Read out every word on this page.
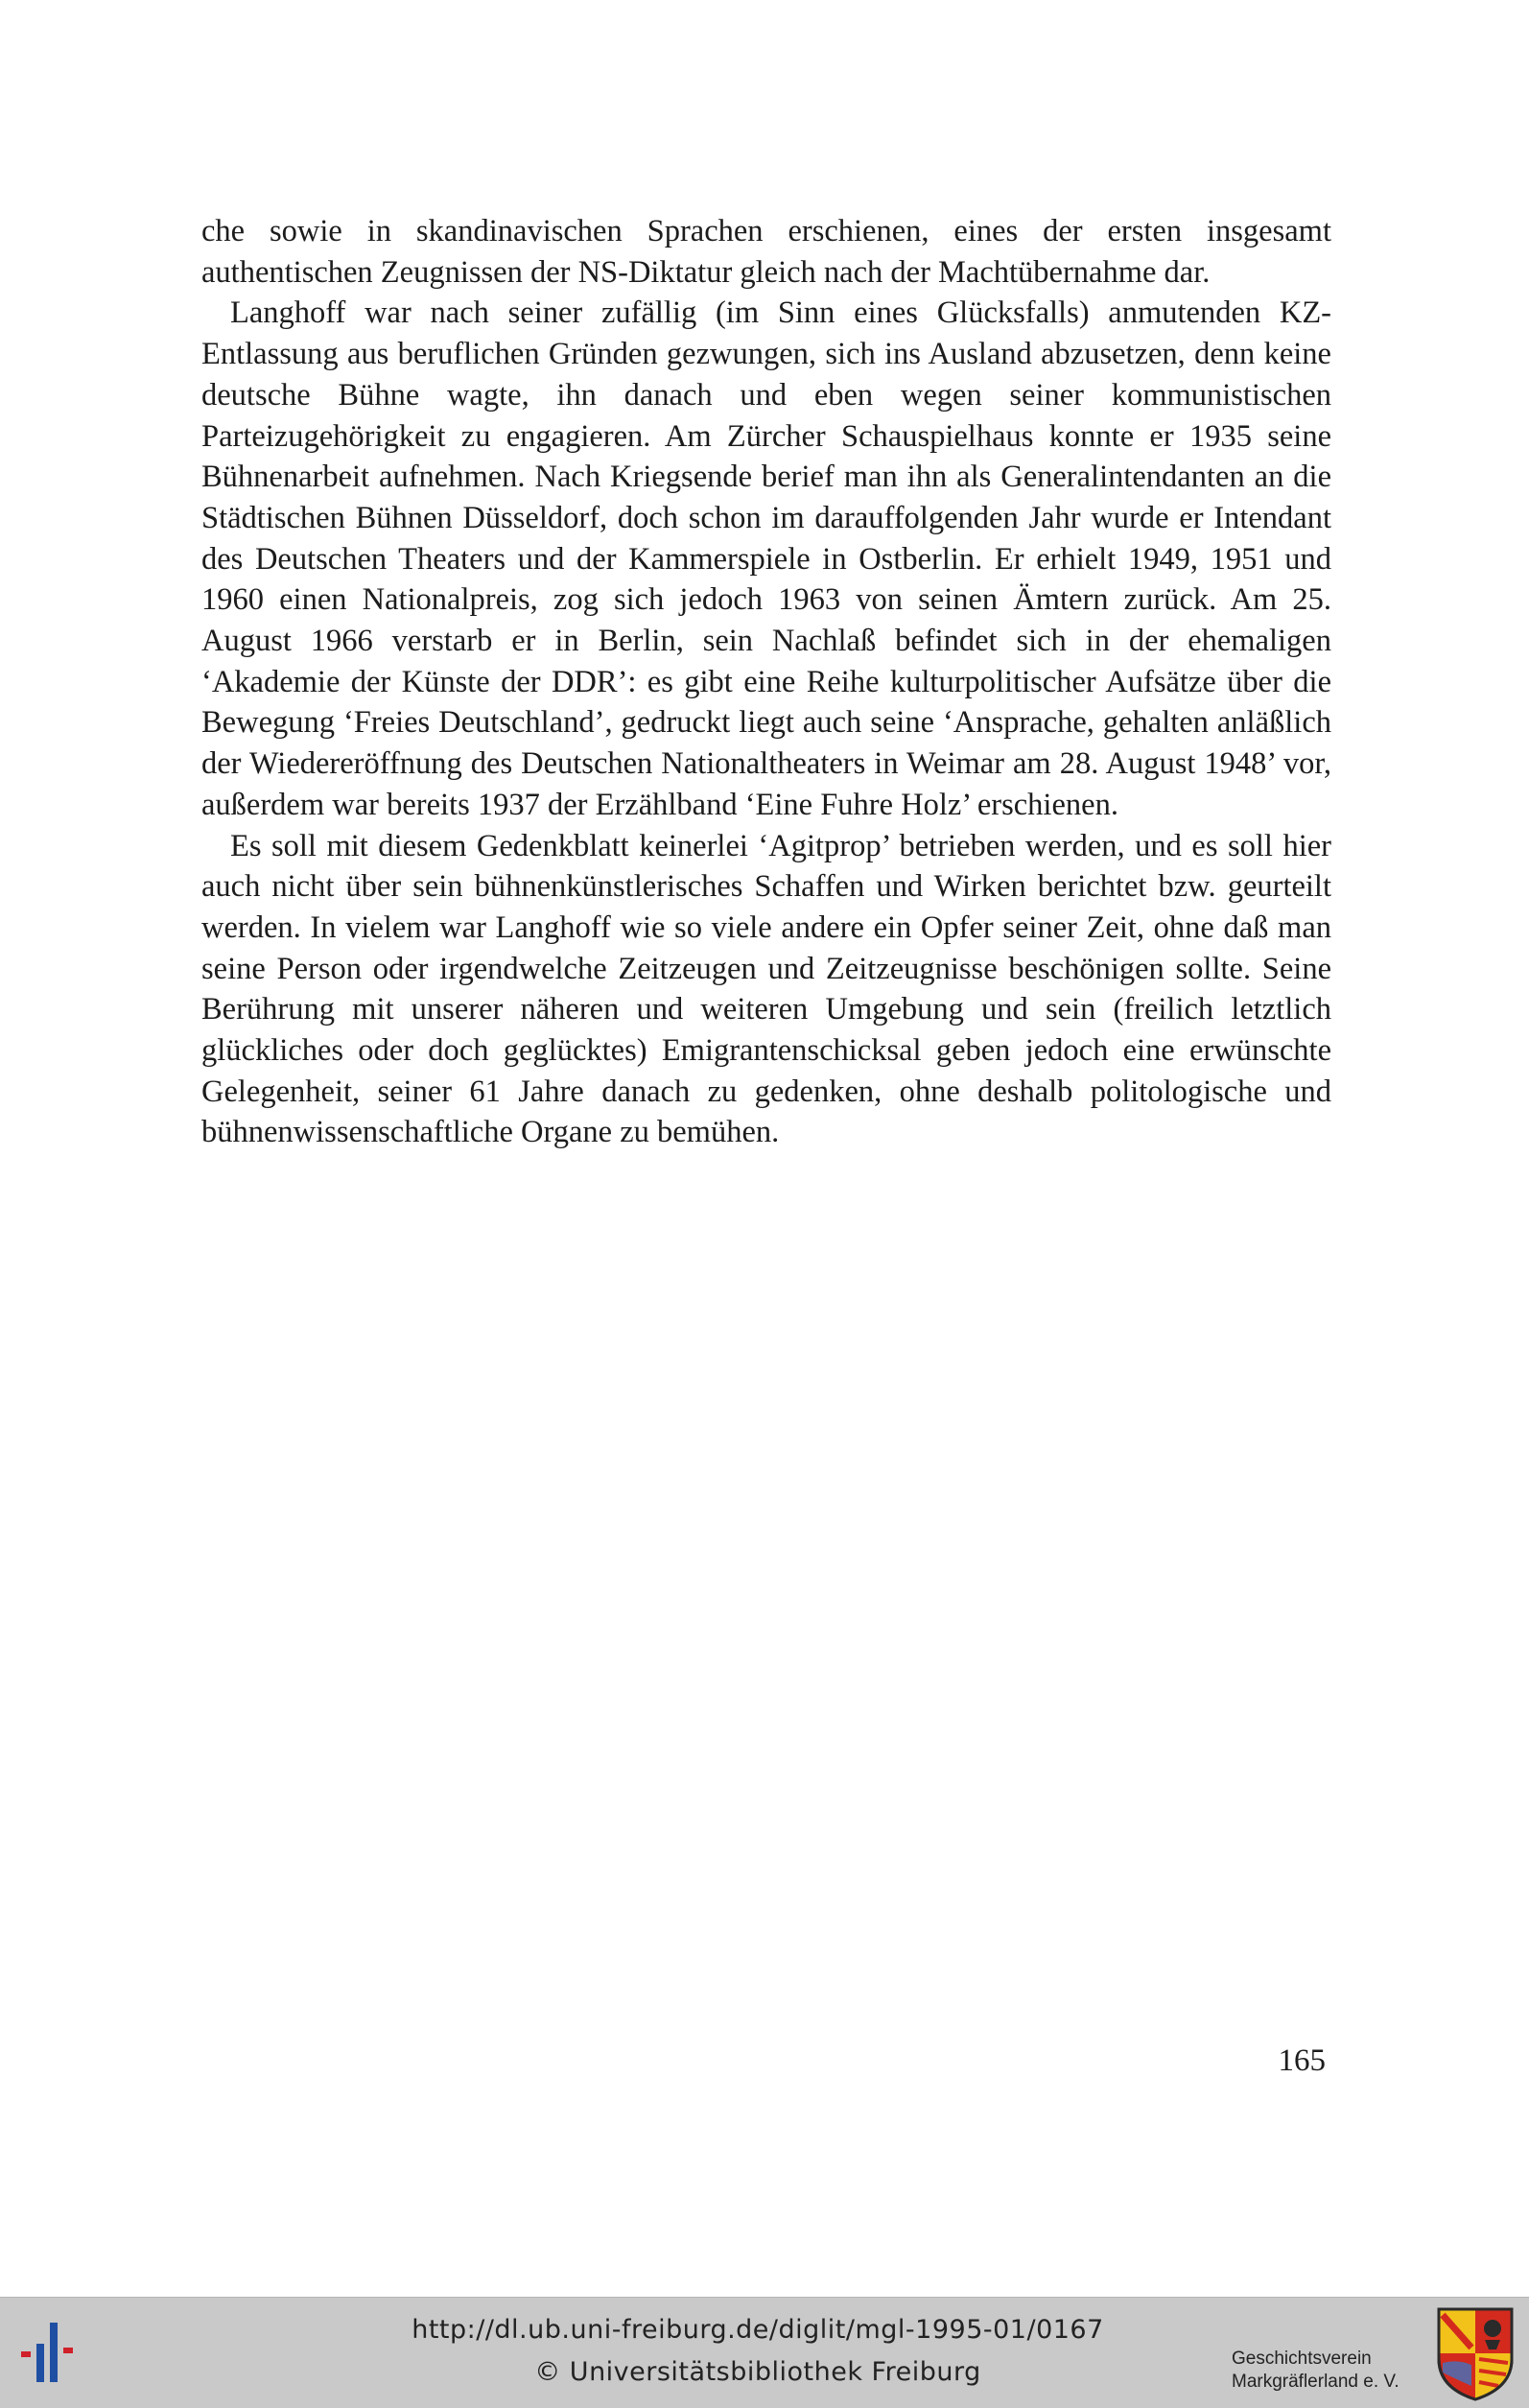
che sowie in skandinavischen Sprachen erschienen, eines der ersten insgesamt authentischen Zeugnissen der NS-Diktatur gleich nach der Machtübernahme dar.

Langhoff war nach seiner zufällig (im Sinn eines Glücksfalls) anmutenden KZ-Entlassung aus beruflichen Gründen gezwungen, sich ins Ausland abzusetzen, denn keine deutsche Bühne wagte, ihn danach und eben wegen seiner kommunistischen Parteizugehörigkeit zu engagieren. Am Zürcher Schauspielhaus konnte er 1935 seine Bühnenarbeit aufnehmen. Nach Kriegsende berief man ihn als Generalintendanten an die Städtischen Bühnen Düsseldorf, doch schon im darauffolgenden Jahr wurde er Intendant des Deutschen Theaters und der Kammerspiele in Ostberlin. Er erhielt 1949, 1951 und 1960 einen Nationalpreis, zog sich jedoch 1963 von seinen Ämtern zurück. Am 25. August 1966 verstarb er in Berlin, sein Nachlaß befindet sich in der ehemaligen ‘Akademie der Künste der DDR’: es gibt eine Reihe kulturpolitischer Aufsätze über die Bewegung ‘Freies Deutschland’, gedruckt liegt auch seine ‘Ansprache, gehalten anläßlich der Wiedereröffnung des Deutschen Nationaltheaters in Weimar am 28. August 1948’ vor, außerdem war bereits 1937 der Erzählband ‘Eine Fuhre Holz’ erschienen.

Es soll mit diesem Gedenkblatt keinerlei ‘Agitprop’ betrieben werden, und es soll hier auch nicht über sein bühnenkünstlerisches Schaffen und Wirken berichtet bzw. geurteilt werden. In vielem war Langhoff wie so viele andere ein Opfer seiner Zeit, ohne daß man seine Person oder irgendwelche Zeitzeugen und Zeitzeugnisse beschönigen sollte. Seine Berührung mit unserer näheren und weiteren Umgebung und sein (freilich letztlich glückliches oder doch geglücktes) Emigrantenschicksal geben jedoch eine erwünschte Gelegenheit, seiner 61 Jahre danach zu gedenken, ohne deshalb politologische und bühnenwissenschaftliche Organe zu bemühen.

165
http://dl.ub.uni-freiburg.de/diglit/mgl-1995-01/0167
© Universitätsbibliothek Freiburg	Geschichtsverein
Markgräflerland e. V.
